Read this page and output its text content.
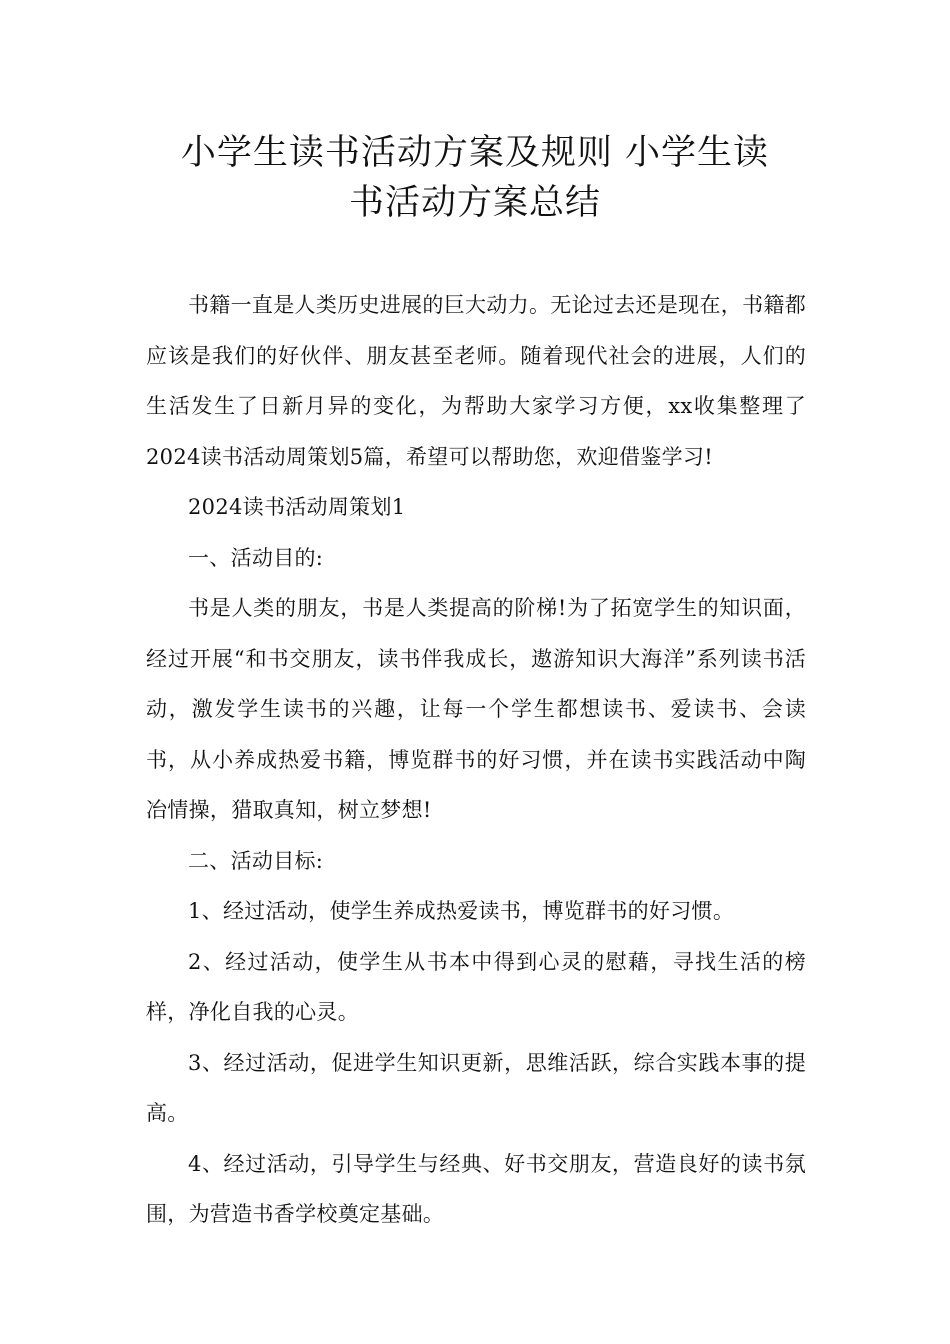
小学生读书活动方案及规则 小学生读
书活动方案总结

书籍一直是人类历史进展的巨大动力。无论过去还是现在，书籍都应该是我们的好伙伴、朋友甚至老师。随着现代社会的进展，人们的生活发生了日新月异的变化，为帮助大家学习方便，xx收集整理了2024读书活动周策划5篇，希望可以帮助您，欢迎借鉴学习!

2024读书活动周策划1

一、活动目的:

书是人类的朋友，书是人类提高的阶梯!为了拓宽学生的知识面，经过开展“和书交朋友，读书伴我成长，遨游知识大海洋”系列读书活动，激发学生读书的兴趣，让每一个学生都想读书、爱读书、会读书，从小养成热爱书籍，博览群书的好习惯，并在读书实践活动中陶冶情操，猎取真知，树立梦想!

二、活动目标:

1、经过活动，使学生养成热爱读书，博览群书的好习惯。

2、经过活动，使学生从书本中得到心灵的慰藉，寻找生活的榜样，净化自我的心灵。

3、经过活动，促进学生知识更新，思维活跃，综合实践本事的提高。

4、经过活动，引导学生与经典、好书交朋友，营造良好的读书氛围，为营造书香学校奠定基础。
